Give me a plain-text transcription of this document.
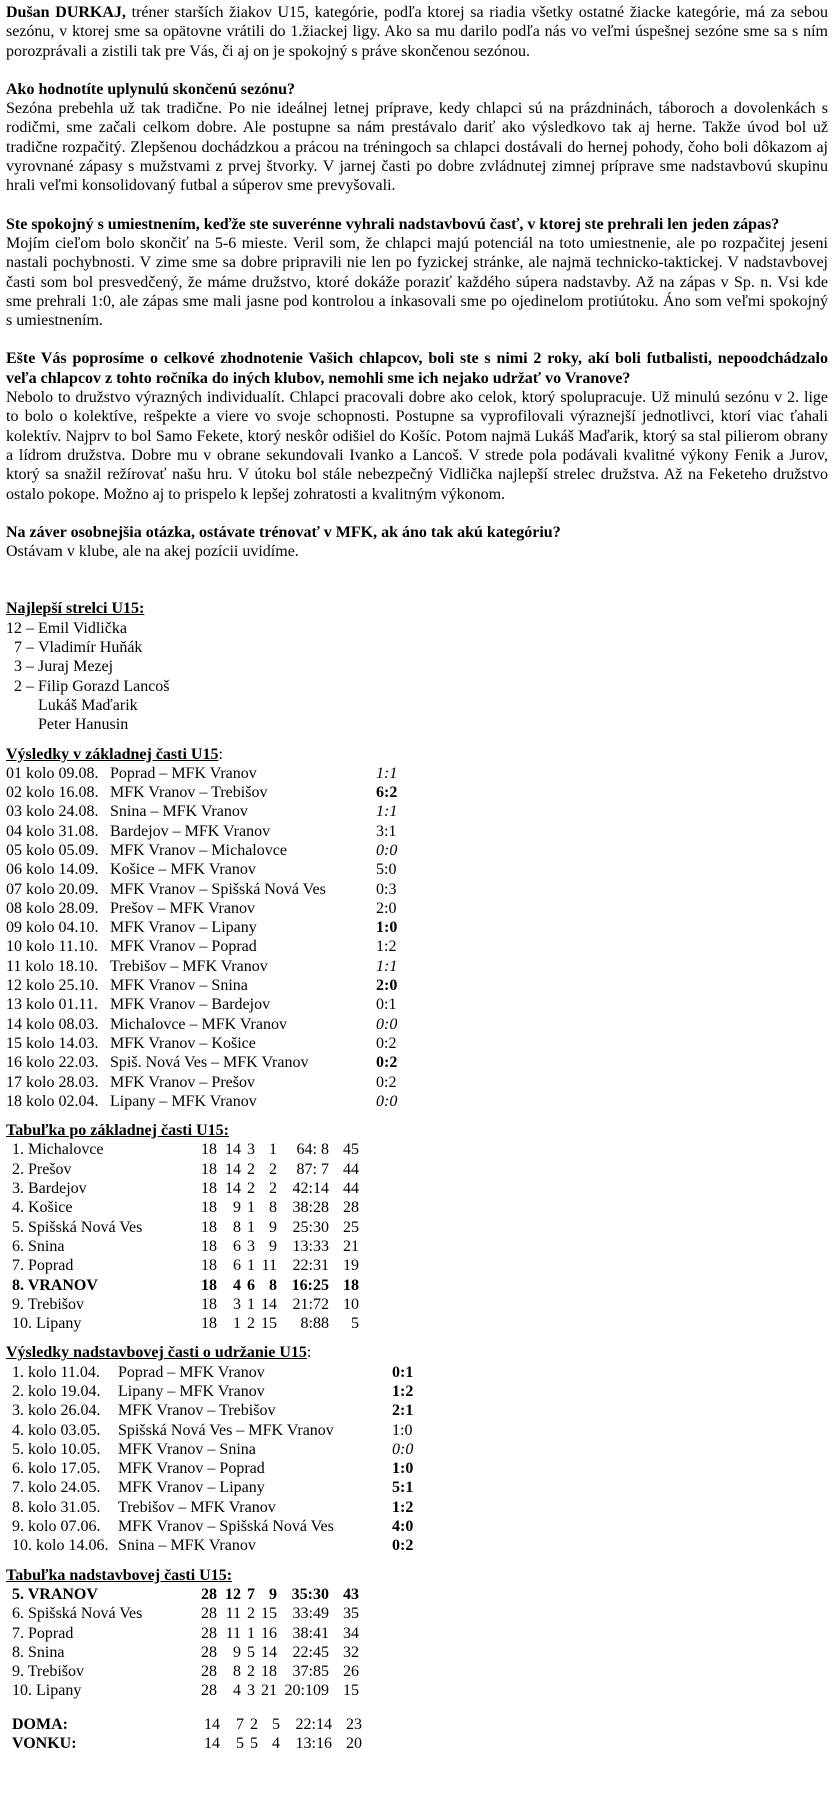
Dušan DURKAJ, tréner starších žiakov U15, kategórie, podľa ktorej sa riadia všetky ostatné žiacke kategórie, má za sebou sezónu, v ktorej sme sa opätovne vrátili do 1.žiackej ligy. Ako sa mu darilo podľa nás vo veľmi úspešnej sezóne sme sa s ním porozprávali a zistili tak pre Vás, či aj on je spokojný s práve skončenou sezónou.

Ako hodnotíte uplynulú skončenú sezónu?

Sezóna prebehla už tak tradične. Po nie ideálnej letnej príprave, kedy chlapci sú na prázdninách, táboroch a dovolenkách s rodičmi, sme začali celkom dobre. Ale postupne sa nám prestávalo dariť ako výsledkovo tak aj herne. Takže úvod bol už tradične rozpačitý. Zlepšenou dochádzkou a prácou na tréningoch sa chlapci dostávali do hernej pohody, čoho boli dôkazom aj vyrovnané zápasy s mužstvami z prvej štvorky. V jarnej časti po dobre zvládnutej zimnej príprave sme nadstavbovú skupinu hrali veľmi konsolidovaný futbal a súperov sme prevyšovali.

Ste spokojný s umiestnením, keďže ste suverénne vyhrali nadstavbovú časť, v ktorej ste prehrali len jeden zápas?

Mojím cieľom bolo skončiť na 5-6 mieste. Veril som, že chlapci majú potenciál na toto umiestnenie, ale po rozpačitej jeseni nastali pochybnosti. V zime sme sa dobre pripravili nie len po fyzickej stránke, ale najmä technicko-taktickej. V nadstavbovej časti som bol presvedčený, že máme družstvo, ktoré dokáže poraziť každého súpera nadstavby. Až na zápas v Sp. n. Vsi kde sme prehrali 1:0, ale zápas sme mali jasne pod kontrolou a inkasovali sme po ojedinelom protiútoku. Áno som veľmi spokojný s umiestnením.

Ešte Vás poprosíme o celkové zhodnotenie Vašich chlapcov, boli ste s nimi 2 roky, akí boli futbalisti, nepoodchádzalo veľa chlapcov z tohto ročníka do iných klubov, nemohli sme ich nejako udržať vo Vranove?

Nebolo to družstvo výrazných individualít. Chlapci pracovali dobre ako celok, ktorý spolupracuje. Už minulú sezónu v 2. lige to bolo o kolektíve, rešpekte a viere vo svoje schopnosti. Postupne sa vyprofilovali výraznejší jednotlivci, ktorí viac ťahali kolektív. Najprv to bol Samo Fekete, ktorý neskôr odišiel do Košíc. Potom najmä Lukáš Maďarik, ktorý sa stal pilierom obrany a lídrom družstva. Dobre mu v obrane sekundovali Ivanko a Lancoš. V strede pola podávali kvalitné výkony Fenik a Jurov, ktorý sa snažil režírovať našu hru. V útoku bol stále nebezpečný Vidlička najlepší strelec družstva. Až na Feketeho družstvo ostalo pokope. Možno aj to prispelo k lepšej zohratosti a kvalitným výkonom.

Na záver osobnejšia otázka, ostávate trénovať v MFK, ak áno tak akú kategóriu?

Ostávam v klube, ale na akej pozícii uvidíme.

Najlepší strelci U15:
12 –	Emil Vidlička
7 –	Vladimír Huňák
3 –	Juraj Mezej
2 –	Filip Gorazd Lancoš
	Lukáš Maďarik
	Peter Hanusin
Výsledky v základnej časti U15:
01 kolo 09.08.	Poprad – MFK Vranov	1:1
02 kolo 16.08.	MFK Vranov – Trebišov	6:2
03 kolo 24.08.	Snina – MFK Vranov	1:1
04 kolo 31.08.	Bardejov – MFK Vranov	3:1
05 kolo 05.09.	MFK Vranov – Michalovce	0:0
06 kolo 14.09.	Košice – MFK Vranov	5:0
07 kolo 20.09.	MFK Vranov – Spišská Nová Ves	0:3
08 kolo 28.09.	Prešov – MFK Vranov	2:0
09 kolo 04.10.	MFK Vranov – Lipany	1:0
10 kolo 11.10.	MFK Vranov – Poprad	1:2
11 kolo 18.10.	Trebišov – MFK Vranov	1:1
12 kolo 25.10.	MFK Vranov – Snina	2:0
13 kolo 01.11.	MFK Vranov – Bardejov	0:1
14 kolo 08.03.	Michalovce – MFK Vranov	0:0
15 kolo 14.03.	MFK Vranov – Košice	0:2
16 kolo 22.03.	Spiš. Nová Ves – MFK Vranov	0:2
17 kolo 28.03.	MFK Vranov – Prešov	0:2
18 kolo 02.04.	Lipany – MFK Vranov	0:0
Tabuľka po základnej časti U15:
1. Michalovce	18	14	3	1	64: 8	45
2. Prešov	18	14	2	2	87: 7	44
3. Bardejov	18	14	2	2	42:14	44
4. Košice	18	9	1	8	38:28	28
5. Spišská Nová Ves	18	8	1	9	25:30	25
6. Snina	18	6	3	9	13:33	21
7. Poprad	18	6	1	11	22:31	19
8. VRANOV	18	4	6	8	16:25	18
9. Trebišov	18	3	1	14	21:72	10
10. Lipany	18	1	2	15	8:88	5
Výsledky nadstavbovej časti o udržanie U15:
1. kolo 11.04.	Poprad – MFK Vranov	0:1
2. kolo 19.04.	Lipany – MFK Vranov	1:2
3. kolo 26.04.	MFK Vranov – Trebišov	2:1
4. kolo 03.05.	Spišská Nová Ves – MFK Vranov	1:0
5. kolo 10.05.	MFK Vranov – Snina	0:0
6. kolo 17.05.	MFK Vranov – Poprad	1:0
7. kolo 24.05.	MFK Vranov – Lipany	5:1
8. kolo 31.05.	Trebišov – MFK Vranov	1:2
9. kolo 07.06.	MFK Vranov – Spišská Nová Ves	4:0
10. kolo 14.06.	Snina – MFK Vranov	0:2
Tabuľka nadstavbovej časti U15:
5. VRANOV	28	12	7	9	35:30	43
6. Spišská Nová Ves	28	11	2	15	33:49	35
7. Poprad	28	11	1	16	38:41	34
8. Snina	28	9	5	14	22:45	32
9. Trebišov	28	8	2	18	37:85	26
10. Lipany	28	4	3	21	20:109	15
DOMA:	14	7	2	5	22:14	23
VONKU:	14	5	5	4	13:16	20
